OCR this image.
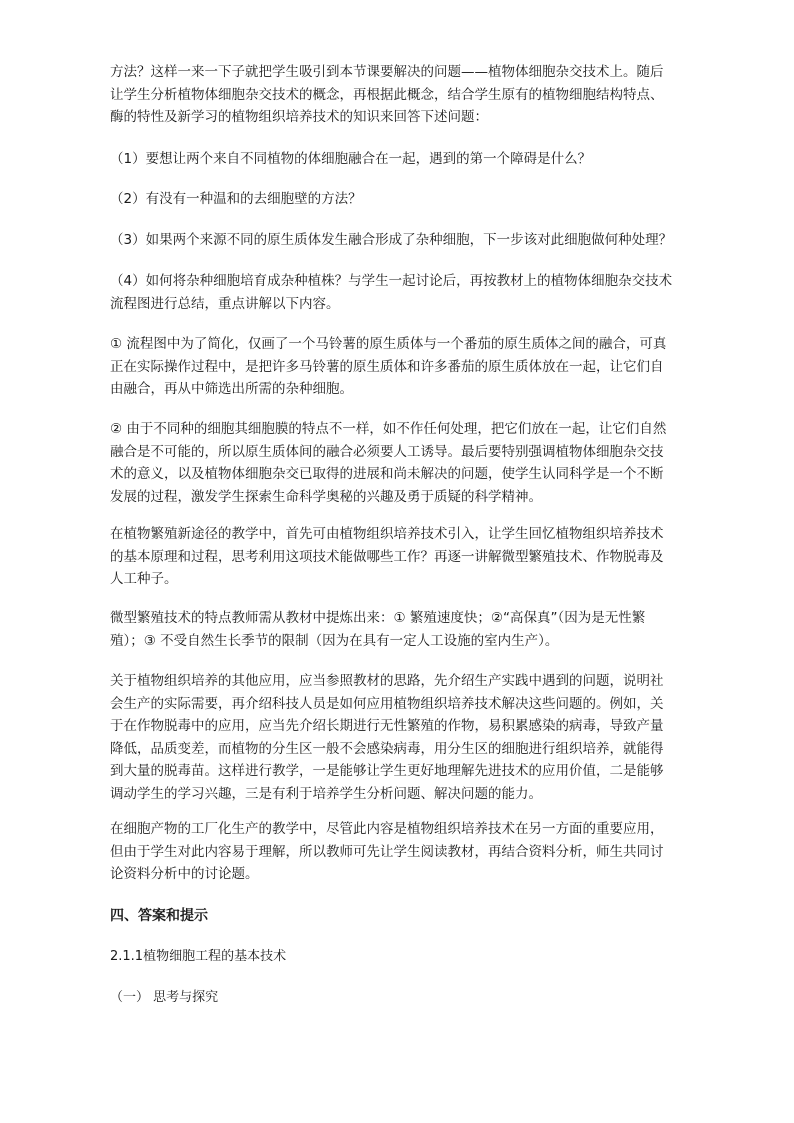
方法？这样一来一下子就把学生吸引到本节课要解决的问题——植物体细胞杂交技术上。随后
让学生分析植物体细胞杂交技术的概念，再根据此概念，结合学生原有的植物细胞结构特点、
酶的特性及新学习的植物组织培养技术的知识来回答下述问题：

（1）要想让两个来自不同植物的体细胞融合在一起，遇到的第一个障碍是什么？

（2）有没有一种温和的去细胞壁的方法？

（3）如果两个来源不同的原生质体发生融合形成了杂种细胞，下一步该对此细胞做何种处理？

（4）如何将杂种细胞培育成杂种植株？与学生一起讨论后，再按教材上的植物体细胞杂交技术
流程图进行总结，重点讲解以下内容。

① 流程图中为了简化，仅画了一个马铃薯的原生质体与一个番茄的原生质体之间的融合，可真
正在实际操作过程中，是把许多马铃薯的原生质体和许多番茄的原生质体放在一起，让它们自
由融合，再从中筛选出所需的杂种细胞。

② 由于不同种的细胞其细胞膜的特点不一样，如不作任何处理，把它们放在一起，让它们自然
融合是不可能的，所以原生质体间的融合必须要人工诱导。最后要特别强调植物体细胞杂交技
术的意义，以及植物体细胞杂交已取得的进展和尚未解决的问题，使学生认同科学是一个不断
发展的过程，激发学生探索生命科学奥秘的兴趣及勇于质疑的科学精神。

在植物繁殖新途径的教学中，首先可由植物组织培养技术引入，让学生回忆植物组织培养技术
的基本原理和过程，思考利用这项技术能做哪些工作？再逐一讲解微型繁殖技术、作物脱毒及
人工种子。

微型繁殖技术的特点教师需从教材中提炼出来：① 繁殖速度快；②“高保真”（因为是无性繁
殖）；③ 不受自然生长季节的限制（因为在具有一定人工设施的室内生产）。

关于植物组织培养的其他应用，应当参照教材的思路，先介绍生产实践中遇到的问题，说明社
会生产的实际需要，再介绍科技人员是如何应用植物组织培养技术解决这些问题的。例如，关
于在作物脱毒中的应用，应当先介绍长期进行无性繁殖的作物，易积累感染的病毒，导致产量
降低，品质变差，而植物的分生区一般不会感染病毒，用分生区的细胞进行组织培养，就能得
到大量的脱毒苗。这样进行教学，一是能够让学生更好地理解先进技术的应用价值，二是能够
调动学生的学习兴趣，三是有利于培养学生分析问题、解决问题的能力。

在细胞产物的工厂化生产的教学中，尽管此内容是植物组织培养技术在另一方面的重要应用，
但由于学生对此内容易于理解，所以教师可先让学生阅读教材，再结合资料分析，师生共同讨
论资料分析中的讨论题。

四、答案和提示

2.1.1植物细胞工程的基本技术

（一） 思考与探究
